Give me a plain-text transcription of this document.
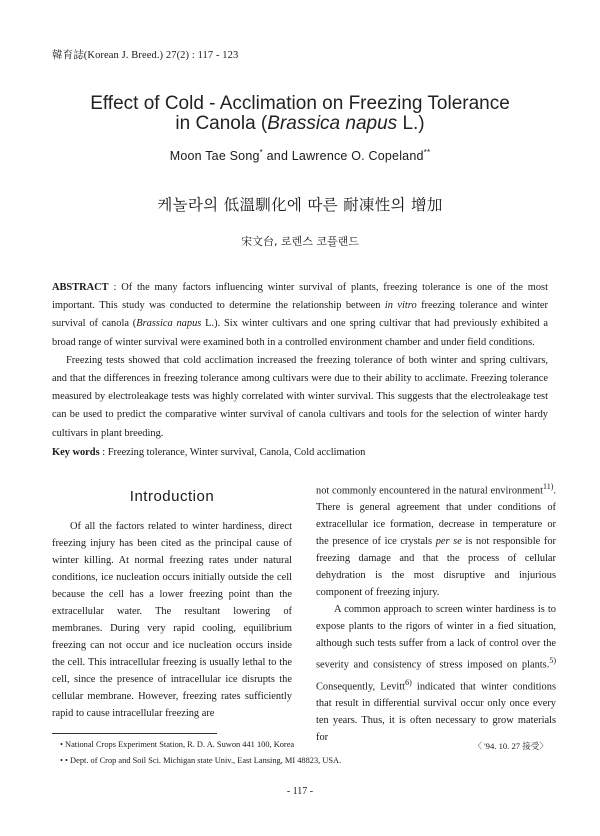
韓育誌(Korean J. Breed.) 27(2) : 117 - 123
Effect of Cold - Acclimation on Freezing Tolerance
in Canola (Brassica napus L.)
Moon Tae Song* and Lawrence O. Copeland**
케놀라의 低溫馴化에 따른 耐凍性의 增加
宋文台, 로렌스 코플랜드

ABSTRACT : Of the many factors influencing winter survival of plants, freezing tolerance is one of the most important. This study was conducted to determine the relationship between in vitro freezing tolerance and winter survival of canola (Brassica napus L.). Six winter cultivars and one spring cultivar that had previously exhibited a broad range of winter survival were examined both in a controlled environment chamber and under field conditions.

Freezing tests showed that cold acclimation increased the freezing tolerance of both winter and spring cultivars, and that the differences in freezing tolerance among cultivars were due to their ability to acclimate. Freezing tolerance measured by electroleakage tests was highly correlated with winter survival. This suggests that the electroleakage test can be used to predict the comparative winter survival of canola cultivars and tools for the selection of winter hardy cultivars in plant breeding.

Key words : Freezing tolerance, Winter survival, Canola, Cold acclimation
Introduction

Of all the factors related to winter hardiness, direct freezing injury has been cited as the principal cause of winter killing. At normal freezing rates under natural conditions, ice nucleation occurs initially outside the cell because the cell has a lower freezing point than the extracellular water. The resultant lowering of membranes. During very rapid cooling, equilibrium freezing can not occur and ice nucleation occurs inside the cell. This intracellular freezing is usually lethal to the cell, since the presence of intracellular ice disrupts the cellular membrane. However, freezing rates sufficiently rapid to cause intracellular freezing are

not commonly encountered in the natural environment$^{11)}$. There is general agreement that under conditions of extracellular ice formation, decrease in temperature or the presence of ice crystals per se is not responsible for freezing damage and that the process of cellular dehydration is the most disruptive and injurious component of freezing injury.

A common approach to screen winter hardiness is to expose plants to the rigors of winter in a fied situation, although such tests suffer from a lack of control over the severity and consistency of stress imposed on plants.$^{5)}$ Consequently, Levitt$^{6)}$ indicated that winter conditions that result in differential survival occur only once every ten years. Thus, it is often necessary to grow materials for

• National Crops Experiment Station, R. D. A. Suwon 441 100, Korea
• • Dept. of Crop and Soil Sci. Michigan state Univ., East Lansing, MI 48823, USA.
〈 '94. 10. 27 接受〉
- 117 -
